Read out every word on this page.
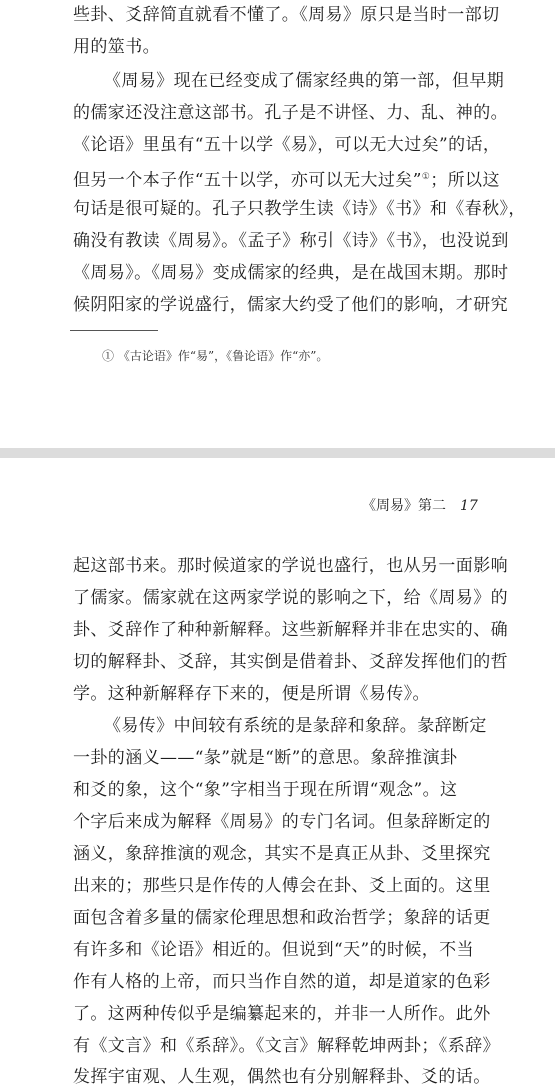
些卦、爻辞简直就看不懂了。《周易》原只是当时一部切
用的筮书。
《周易》现在已经变成了儒家经典的第一部，但早期
的儒家还没注意这部书。孔子是不讲怪、力、乱、神的。
《论语》里虽有“五十以学《易》，可以无大过矣”的话，
但另一个本子作“五十以学，亦可以无大过矣”①；所以这
句话是很可疑的。孔子只教学生读《诗》《书》和《春秋》，
确没有教读《周易》。《孟子》称引《诗》《书》，也没说到
《周易》。《周易》变成儒家的经典，是在战国末期。那时
候阴阳家的学说盛行，儒家大约受了他们的影响，才研究
① 《古论语》作“易”，《鲁论语》作“亦”。
《周易》第二 17
起这部书来。那时候道家的学说也盛行，也从另一面影响
了儒家。儒家就在这两家学说的影响之下，给《周易》的
卦、爻辞作了种种新解释。这些新解释并非在忠实的、确
切的解释卦、爻辞，其实倒是借着卦、爻辞发挥他们的哲
学。这种新解释存下来的，便是所谓《易传》。
《易传》中间较有系统的是彖辞和象辞。彖辞断定
一卦的涵义——“彖”就是“断”的意思。象辞推演卦
和爻的象，这个“象”字相当于现在所谓“观念”。这
个字后来成为解释《周易》的专门名词。但彖辞断定的
涵义，象辞推演的观念，其实不是真正从卦、爻里探究
出来的；那些只是作传的人傅会在卦、爻上面的。这里
面包含着多量的儒家伦理思想和政治哲学；象辞的话更
有许多和《论语》相近的。但说到“天”的时候，不当
作有人格的上帝，而只当作自然的道，却是道家的色彩
了。这两种传似乎是编纂起来的，并非一人所作。此外
有《文言》和《系辞》。《文言》解释乾坤两卦；《系辞》
发挥宇宙观、人生观，偶然也有分别解释卦、爻的话。
